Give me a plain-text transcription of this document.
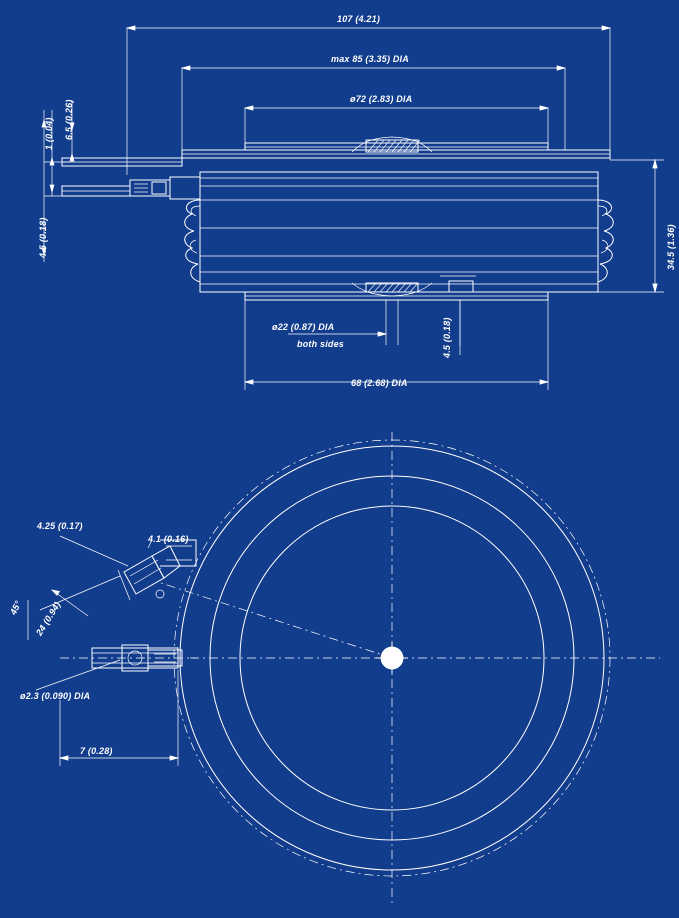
107 (4.21)
max 85 (3.35) DIA
ø72 (2.83) DIA
1 (0.04) 6.5 (0.26)
4.5 (0.18)	34.5 (1.36)
ø22 (0.87) DIA
both sides	4.5 (0.18)
68 (2.68) DIA
4.25 (0.17)
4.1 (0.16)
45° 24 (0.94)
ø2.3 (0.090) DIA
7 (0.28)
